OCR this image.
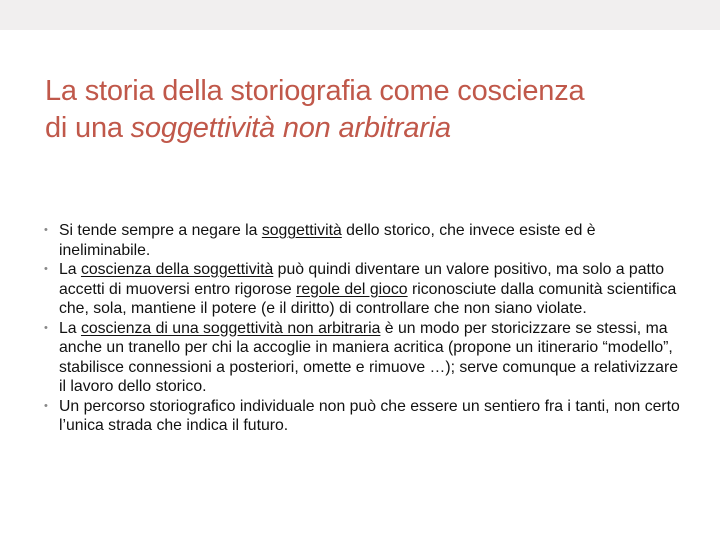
La storia della storiografia come coscienza
di una soggettività non arbitraria
• Si tende sempre a negare la soggettività dello storico, che invece esiste ed è ineliminabile.
• La coscienza della soggettività può quindi diventare un valore positivo, ma solo a patto accetti di muoversi entro rigorose regole del gioco riconosciute dalla comunità scientifica che, sola, mantiene il potere (e il diritto) di controllare che non siano violate.
• La coscienza di una soggettività non arbitraria è un modo per storicizzare se stessi, ma anche un tranello per chi la accoglie in maniera acritica (propone un itinerario “modello”, stabilisce connessioni a posteriori, omette e rimuove …); serve comunque a relativizzare il lavoro dello storico.
• Un percorso storiografico individuale non può che essere un sentiero fra i tanti, non certo l’unica strada che indica il futuro.
